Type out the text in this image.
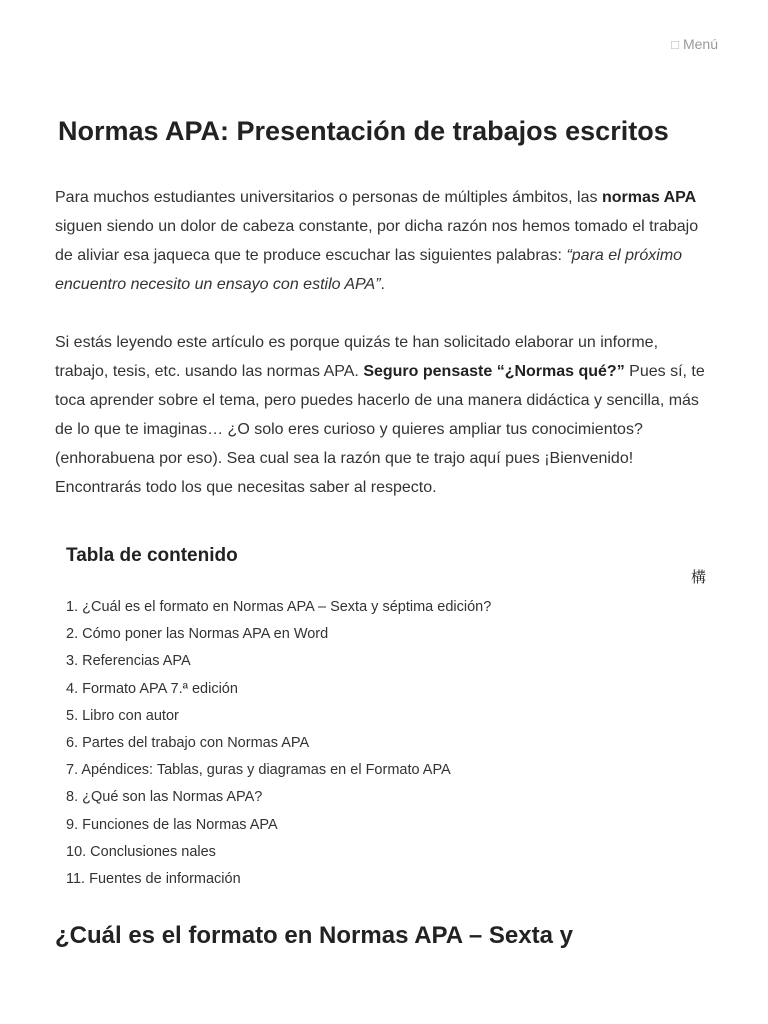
□ Menú
Normas APA: Presentación de trabajos escritos

Para muchos estudiantes universitarios o personas de múltiples ámbitos, las normas APA siguen siendo un dolor de cabeza constante, por dicha razón nos hemos tomado el trabajo de aliviar esa jaqueca que te produce escuchar las siguientes palabras: “para el próximo encuentro necesito un ensayo con estilo APA”.

Si estás leyendo este artículo es porque quizás te han solicitado elaborar un informe, trabajo, tesis, etc. usando las normas APA. Seguro pensaste “¿Normas qué?” Pues sí, te toca aprender sobre el tema, pero puedes hacerlo de una manera didáctica y sencilla, más de lo que te imaginas… ¿O solo eres curioso y quieres ampliar tus conocimientos? (enhorabuena por eso). Sea cual sea la razón que te trajo aquí pues ¡Bienvenido! Encontrarás todo los que necesitas saber al respecto.

Tabla de contenido
構
1. ¿Cuál es el formato en Normas APA – Sexta y séptima edición?
2. Cómo poner las Normas APA en Word
3. Referencias APA
4. Formato APA 7.ª edición
5. Libro con autor
6. Partes del trabajo con Normas APA
7. Apéndices: Tablas, guras y diagramas en el Formato APA
8. ¿Qué son las Normas APA?
9. Funciones de las Normas APA
10. Conclusiones nales
11. Fuentes de información
¿Cuál es el formato en Normas APA – Sexta y
